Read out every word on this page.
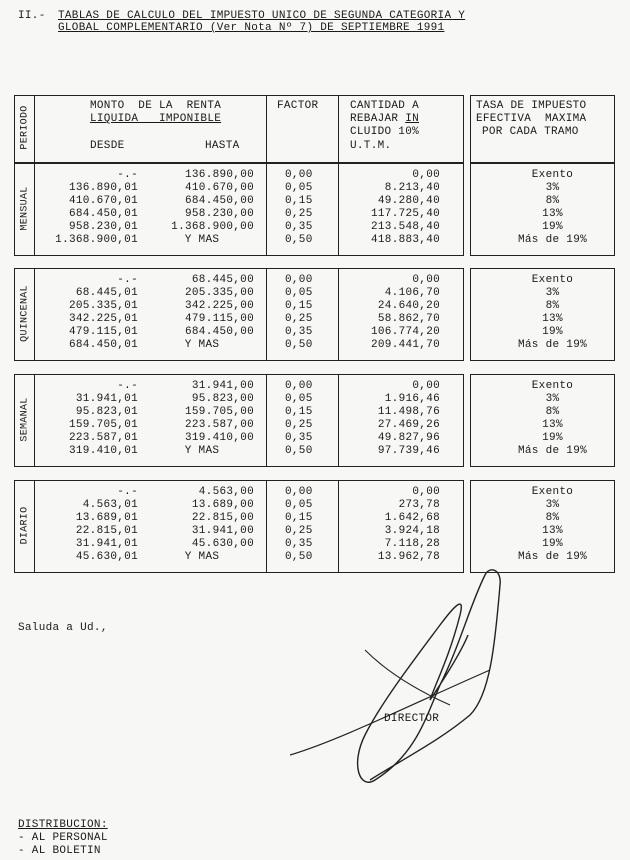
II.- TABLAS DE CALCULO DEL IMPUESTO UNICO DE SEGUNDA CATEGORIA Y
GLOBAL COMPLEMENTARIO (Ver Nota Nº 7) DE SEPTIEMBRE 1991
PERIODO	MONTO  DE LA  RENTA
LIQUIDA   IMPONIBLE
DESDE	HASTA
FACTOR	CANTIDAD A
REBAJAR IN
CLUIDO 10%
U.T.M.
TASA DE IMPUESTO
EFECTIVA  MAXIMA
POR CADA TRAMO
MENSUAL
-.-	136.890,00	0,00	0,00	Exento
136.890,01	410.670,00	0,05	8.213,40	3%
410.670,01	684.450,00	0,15	49.280,40	8%
684.450,01	958.230,00	0,25	117.725,40	13%
958.230,01	1.368.900,00	0,35	213.548,40	19%
1.368.900,01	Y MAS	0,50	418.883,40	Más de 19%
QUINCENAL
-.-	68.445,00	0,00	0,00	Exento
68.445,01	205.335,00	0,05	4.106,70	3%
205.335,01	342.225,00	0,15	24.640,20	8%
342.225,01	479.115,00	0,25	58.862,70	13%
479.115,01	684.450,00	0,35	106.774,20	19%
684.450,01	Y MAS	0,50	209.441,70	Más de 19%
SEMANAL
-.-	31.941,00	0,00	0,00	Exento
31.941,01	95.823,00	0,05	1.916,46	3%
95.823,01	159.705,00	0,15	11.498,76	8%
159.705,01	223.587,00	0,25	27.469,26	13%
223.587,01	319.410,00	0,35	49.827,96	19%
319.410,01	Y MAS	0,50	97.739,46	Más de 19%
DIARIO
-.-	4.563,00	0,00	0,00	Exento
4.563,01	13.689,00	0,05	273,78	3%
13.689,01	22.815,00	0,15	1.642,68	8%
22.815,01	31.941,00	0,25	3.924,18	13%
31.941,01	45.630,00	0,35	7.118,28	19%
45.630,01	Y MAS	0,50	13.962,78	Más de 19%
Saluda a Ud.,
DIRECTOR
DISTRIBUCION:
- AL PERSONAL
- AL BOLETIN
